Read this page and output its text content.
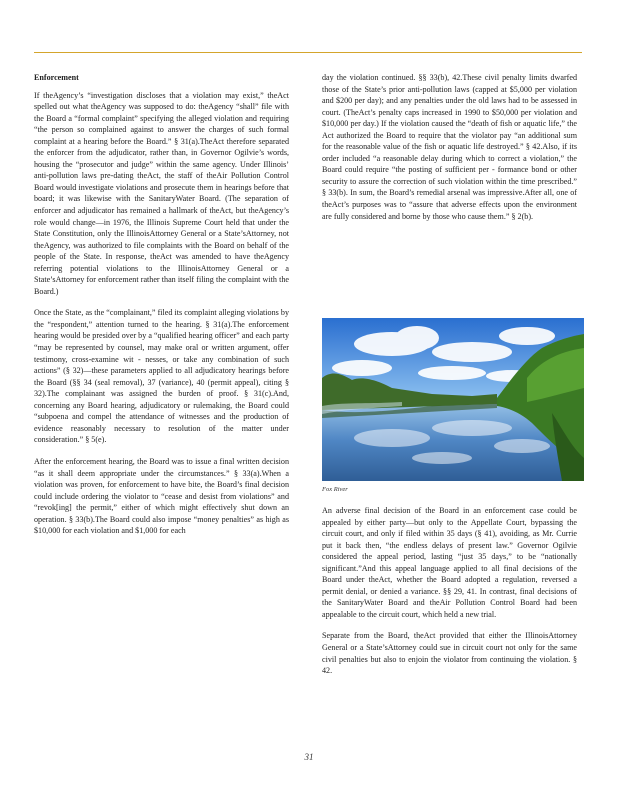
Enforcement

If theAgency’s “investigation discloses that a violation may exist,” theAct spelled out what theAgency was supposed to do: theAgency “shall” file with the Board a “formal complaint” specifying the alleged violation and requiring “the person so complained against to answer the charges of such formal complaint at a hearing before the Board.” § 31(a).TheAct therefore separated the enforcer from the adjudicator, rather than, in Governor Ogilvie’s words, housing the “prosecutor and judge” within the same agency. Under Illinois’ anti-pollution laws pre-dating theAct, the staff of theAir Pollution Control Board would investigate violations and prosecute them in hearings before that board; it was likewise with the SanitaryWater Board. (The separation of enforcer and adjudicator has remained a hallmark of theAct, but theAgency’s role would change—in 1976, the Illinois Supreme Court held that under the State Constitution, only the IllinoisAttorney General or a State’sAttorney, not theAgency, was authorized to file complaints with the Board on behalf of the people of the State. In response, theAct was amended to have theAgency referring potential violations to the IllinoisAttorney General or a State’sAttorney for enforcement rather than itself filing the complaint with the Board.)

Once the State, as the “complainant,” filed its complaint alleging violations by the “respondent,” attention turned to the hearing. § 31(a).The enforcement hearing would be presided over by a “qualified hearing officer” and each party “may be represented by counsel, may make oral or written argument, offer testimony, cross-examine wit - nesses, or take any combination of such actions” (§ 32)—these parameters applied to all adjudicatory hearings before the Board (§§ 34 (seal removal), 37 (variance), 40 (permit appeal), citing § 32).The complainant was assigned the burden of proof. § 31(c).And, concerning any Board hearing, adjudicatory or rulemaking, the Board could “subpoena and compel the attendance of witnesses and the production of evidence reasonably necessary to resolution of the matter under consideration.” § 5(e).

After the enforcement hearing, the Board was to issue a final written decision “as it shall deem appropriate under the circumstances.” § 33(a).When a violation was proven, for enforcement to have bite, the Board’s final decision could include ordering the violator to “cease and desist from violations” and “revok[ing] the permit,” either of which might effectively shut down an operation. § 33(b).The Board could also impose “money penalties” as high as $10,000 for each violation and $1,000 for each

day the violation continued. §§ 33(b), 42.These civil penalty limits dwarfed those of the State’s prior anti-pollution laws (capped at $5,000 per violation and $200 per day); and any penalties under the old laws had to be assessed in court. (TheAct’s penalty caps increased in 1990 to $50,000 per violation and $10,000 per day.) If the violation caused the “death of fish or aquatic life,” the Act authorized the Board to require that the violator pay “an additional sum for the reasonable value of the fish or aquatic life destroyed.” § 42.Also, if its order included “a reasonable delay during which to correct a violation,” the Board could require “the posting of sufficient per - formance bond or other security to assure the correction of such violation within the time prescribed.” § 33(b). In sum, the Board’s remedial arsenal was impressive.After all, one of theAct’s purposes was to “assure that adverse effects upon the environment are fully considered and borne by those who cause them.” § 2(b).

Fox River

An adverse final decision of the Board in an enforcement case could be appealed by either party—but only to the Appellate Court, bypassing the circuit court, and only if filed within 35 days (§ 41), avoiding, as Mr. Currie put it back then, “the endless delays of present law.” Governor Ogilvie considered the appeal period, lasting “just 35 days,” to be “nationally significant.”And this appeal language applied to all final decisions of the Board under theAct, whether the Board adopted a regulation, reversed a permit denial, or denied a variance. §§ 29, 41. In contrast, final decisions of the SanitaryWater Board and theAir Pollution Control Board had been appealable to the circuit court, which held a new trial.

Separate from the Board, theAct provided that either the IllinoisAttorney General or a State’sAttorney could sue in circuit court not only for the same civil penalties but also to enjoin the violator from continuing the violation. § 42.

31
